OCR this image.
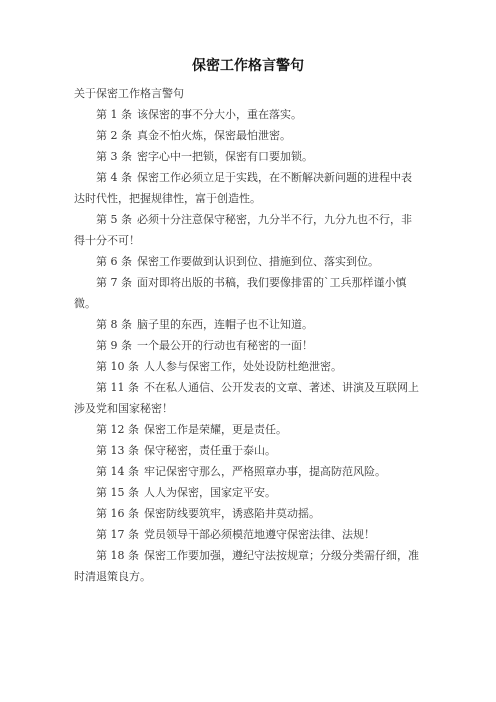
保密工作格言警句

关于保密工作格言警句

第 1 条 该保密的事不分大小，重在落实。
第 2 条 真金不怕火炼，保密最怕泄密。
第 3 条 密字心中一把锁，保密有口要加锁。
第 4 条 保密工作必须立足于实践，在不断解决新问题的进程中表达时代性，把握规律性，富于创造性。
第 5 条 必须十分注意保守秘密，九分半不行，九分九也不行，非得十分不可！
第 6 条 保密工作要做到认识到位、措施到位、落实到位。
第 7 条 面对即将出版的书稿，我们要像排雷的`工兵那样谨小慎微。
第 8 条 脑子里的东西，连帽子也不让知道。
第 9 条 一个最公开的行动也有秘密的一面！
第 10 条 人人参与保密工作，处处设防杜绝泄密。
第 11 条 不在私人通信、公开发表的文章、著述、讲演及互联网上涉及党和国家秘密！
第 12 条 保密工作是荣耀，更是责任。
第 13 条 保守秘密，责任重于泰山。
第 14 条 牢记保密守那么，严格照章办事，提高防范风险。
第 15 条 人人为保密，国家定平安。
第 16 条 保密防线要筑牢，诱惑陷井莫动摇。
第 17 条 党员领导干部必须模范地遵守保密法律、法规！
第 18 条 保密工作要加强，遵纪守法按规章；分级分类需仔细，准时清退策良方。
